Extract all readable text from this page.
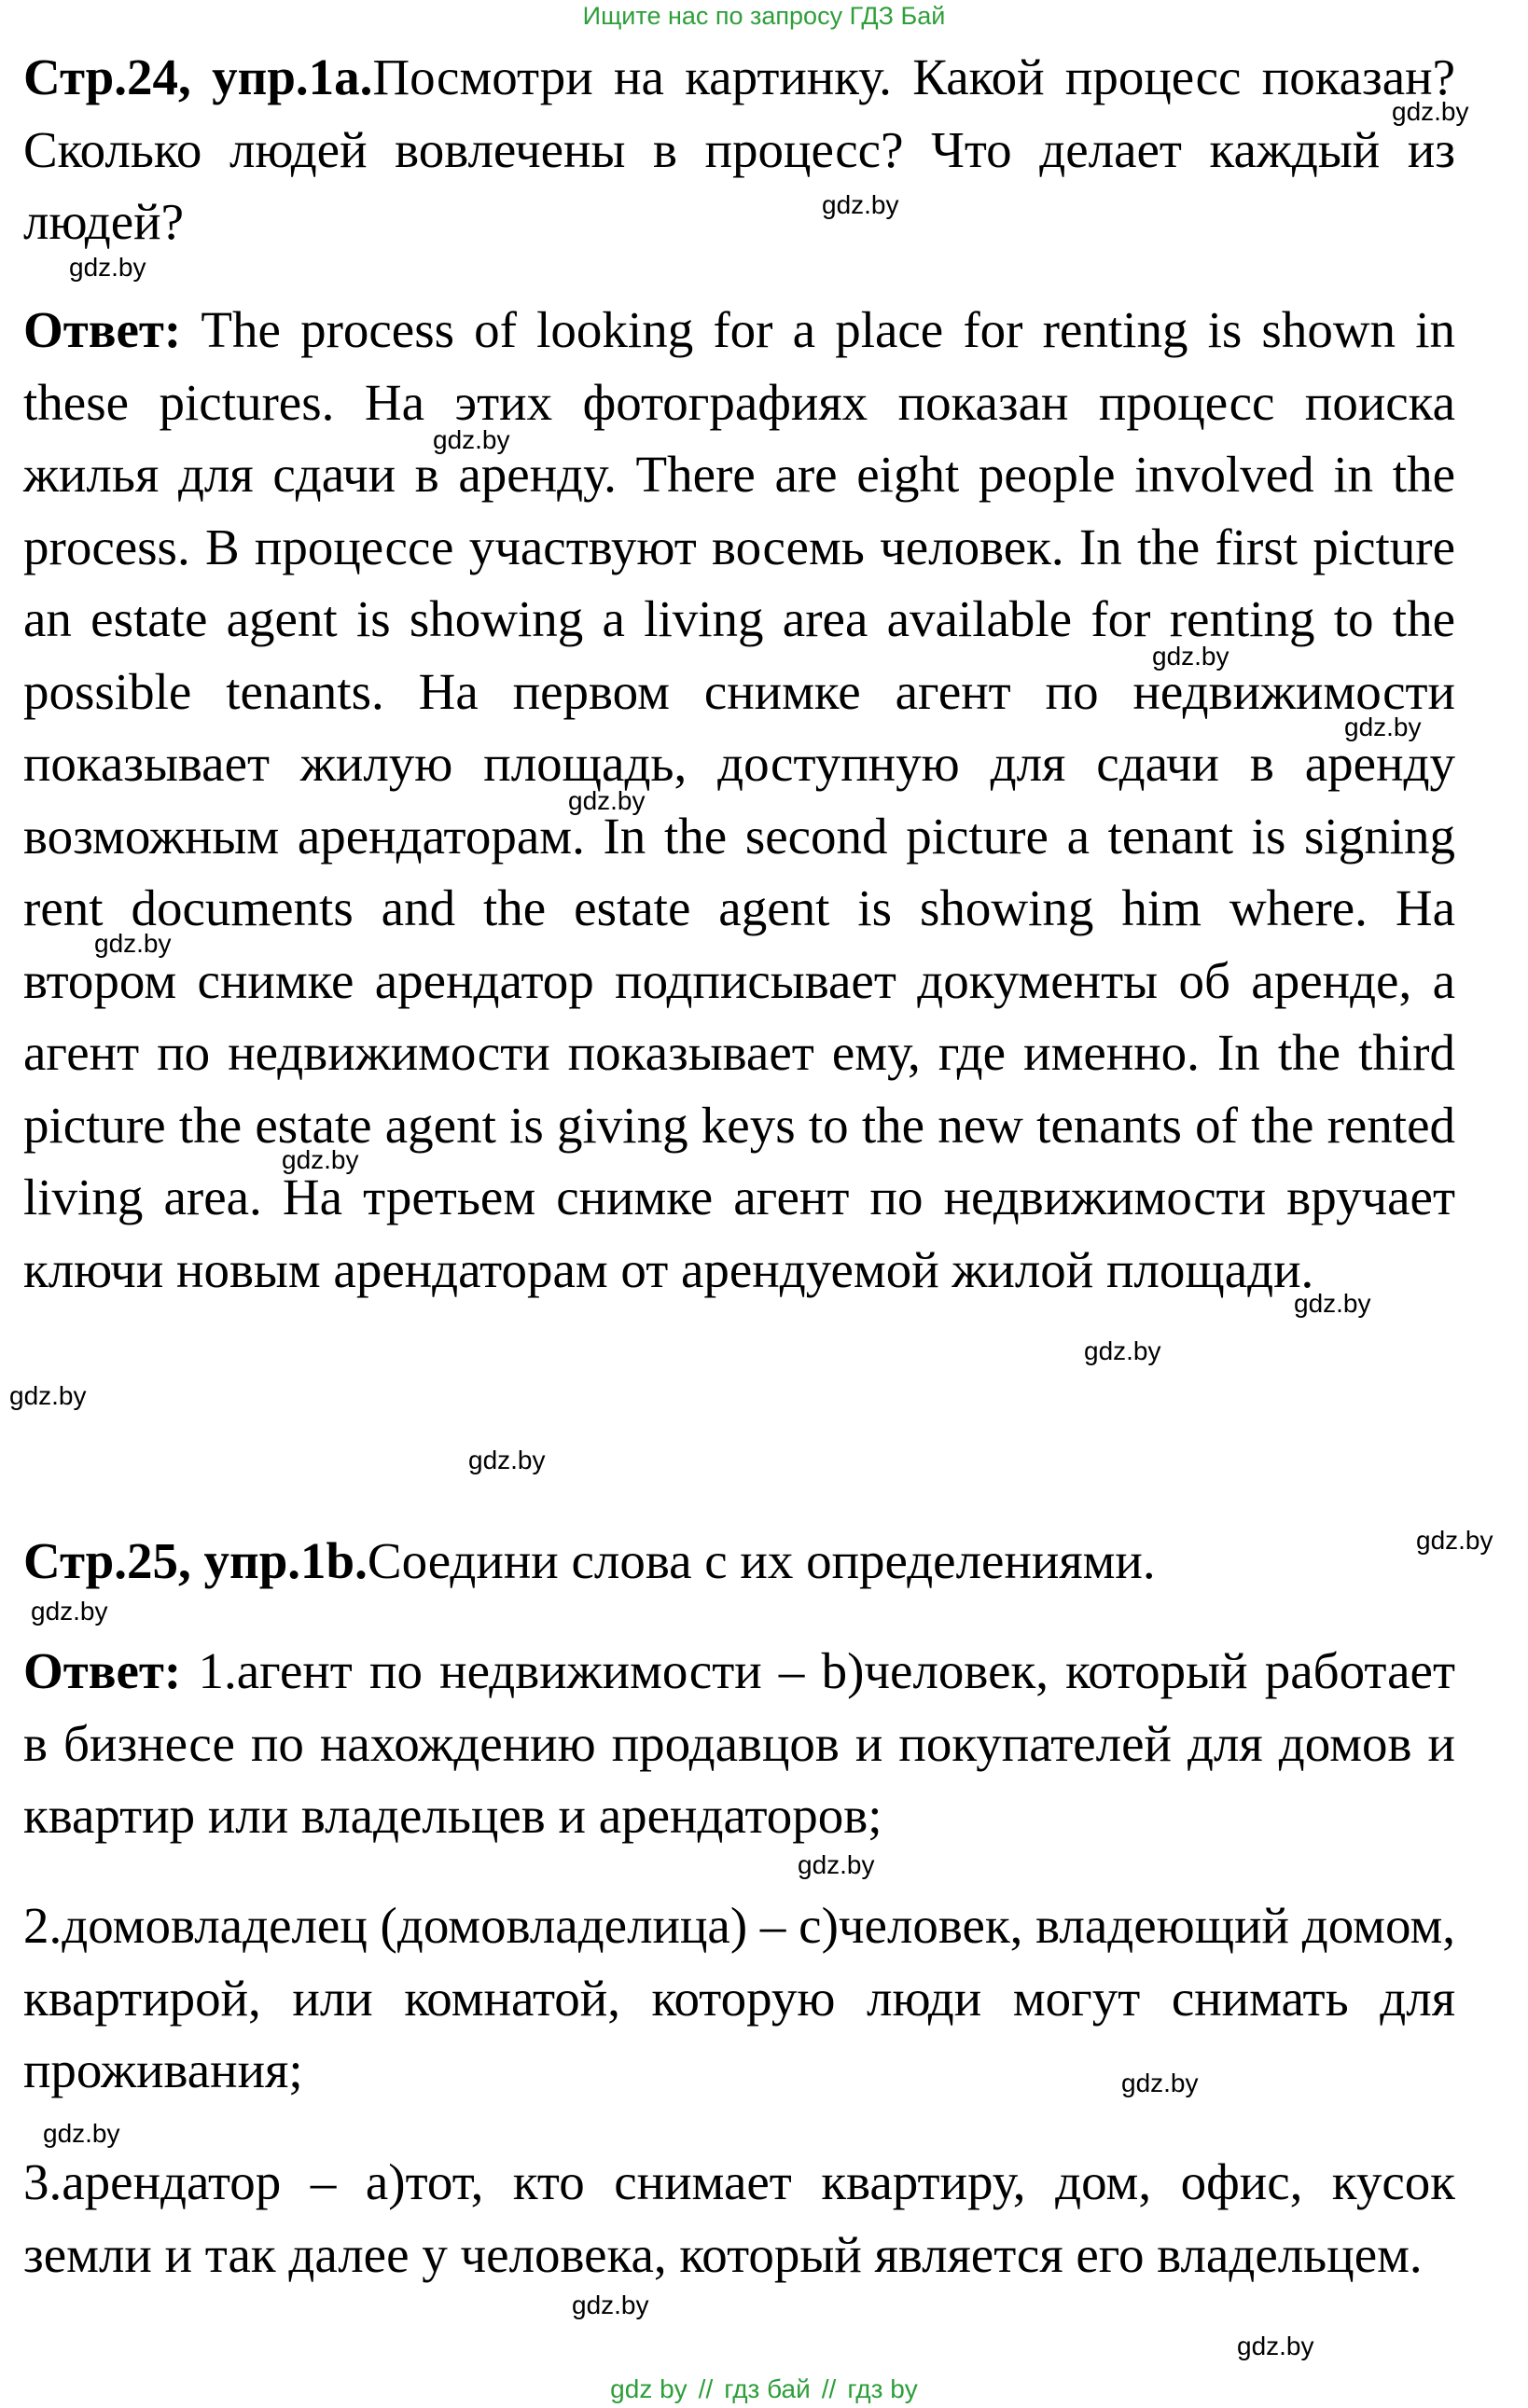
Ищите нас по запросу ГДЗ Бай

Стр.24, упр.1a.Посмотри на картинку. Какой процесс показан? Сколько людей вовлечены в процесс? Что делает каждый из людей?

Ответ: The process of looking for a place for renting is shown in these pictures. На этих фотографиях показан процесс поиска жилья для сдачи в аренду. There are eight people involved in the process. В процессе участвуют восемь человек. In the first picture an estate agent is showing a living area available for renting to the possible tenants. На первом снимке агент по недвижимости показывает жилую площадь, доступную для сдачи в аренду возможным арендаторам. In the second picture a tenant is signing rent documents and the estate agent is showing him where. На втором снимке арендатор подписывает документы об аренде, а агент по недвижимости показывает ему, где именно. In the third picture the estate agent is giving keys to the new tenants of the rented living area. На третьем снимке агент по недвижимости вручает ключи новым арендаторам от арендуемой жилой площади.

Стр.25, упр.1b.Соедини слова с их определениями.

Ответ: 1.агент по недвижимости – b)человек, который работает в бизнесе по нахождению продавцов и покупателей для домов и квартир или владельцев и арендаторов;

2.домовладелец (домовладелица) – c)человек, владеющий домом, квартирой, или комнатой, которую люди могут снимать для проживания;

3.арендатор – a)тот, кто снимает квартиру, дом, офис, кусок земли и так далее у человека, который является его владельцем.

gdz.by
gdz.by
gdz.by
gdz.by
gdz.by
gdz.by
gdz.by
gdz.by
gdz.by
gdz.by
gdz.by
gdz.by
gdz.by
gdz.by
gdz.by
gdz.by
gdz.by
gdz.by
gdz.by
gdz.by
gdz by // гдз бай // гдз by
